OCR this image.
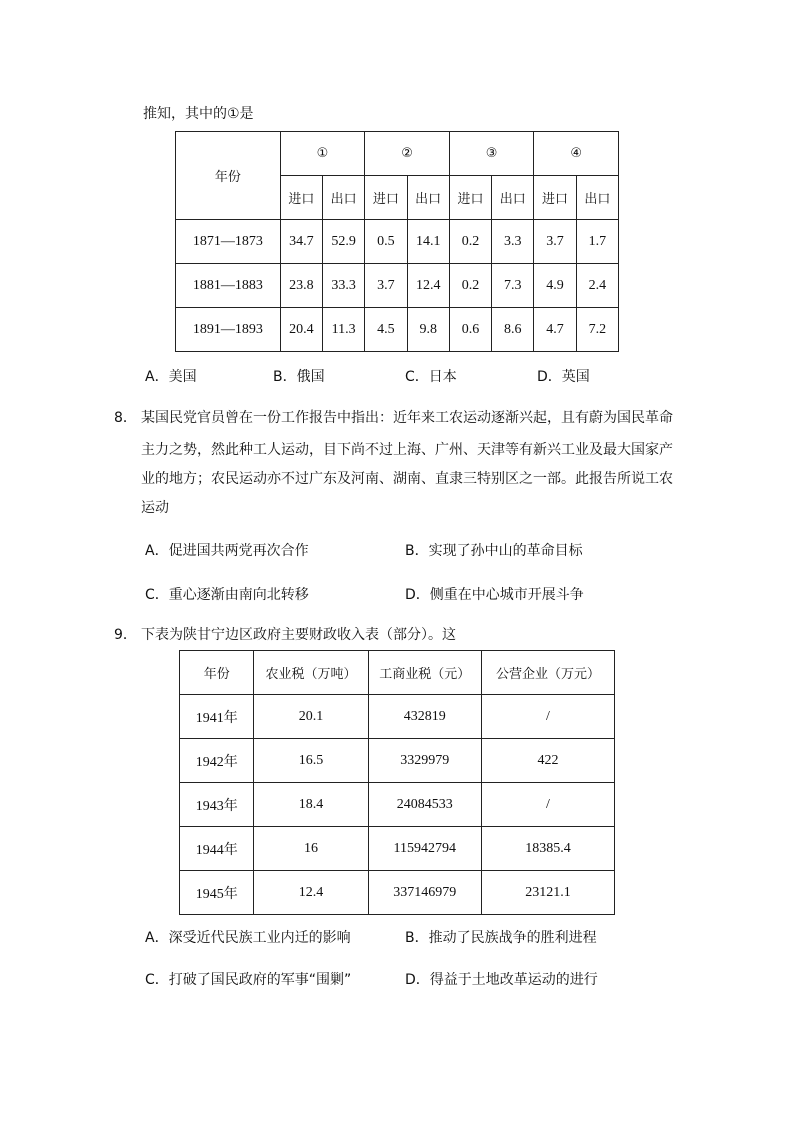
推知，其中的①是
年份	①		②		③		④	
	进口	出口	进口	出口	进口	出口	进口	出口
1871—1873	34.7	52.9	0.5	14.1	0.2	3.3	3.7	1.7
1881—1883	23.8	33.3	3.7	12.4	0.2	7.3	4.9	2.4
1891—1893	20.4	11.3	4.5	9.8	0.6	8.6	4.7	7.2
A．美国	B．俄国	C．日本	D．英国
8． 某国民党官员曾在一份工作报告中指出：近年来工农运动逐渐兴起，且有蔚为国民革命
主力之势，然此种工人运动，目下尚不过上海、广州、天津等有新兴工业及最大国家产
业的地方；农民运动亦不过广东及河南、湖南、直隶三特别区之一部。此报告所说工农
运动
A．促进国共两党再次合作	B．实现了孙中山的革命目标
C．重心逐渐由南向北转移	D．侧重在中心城市开展斗争
9． 下表为陕甘宁边区政府主要财政收入表（部分）。这
年份	农业税（万吨）	工商业税（元）	公营企业（万元）
1941年	20.1	432819	/
1942年	16.5	3329979	422
1943年	18.4	24084533	/
1944年	16	115942794	18385.4
1945年	12.4	337146979	23121.1
A．深受近代民族工业内迁的影响	B．推动了民族战争的胜利进程
C．打破了国民政府的军事“围剿”	D．得益于土地改革运动的进行
